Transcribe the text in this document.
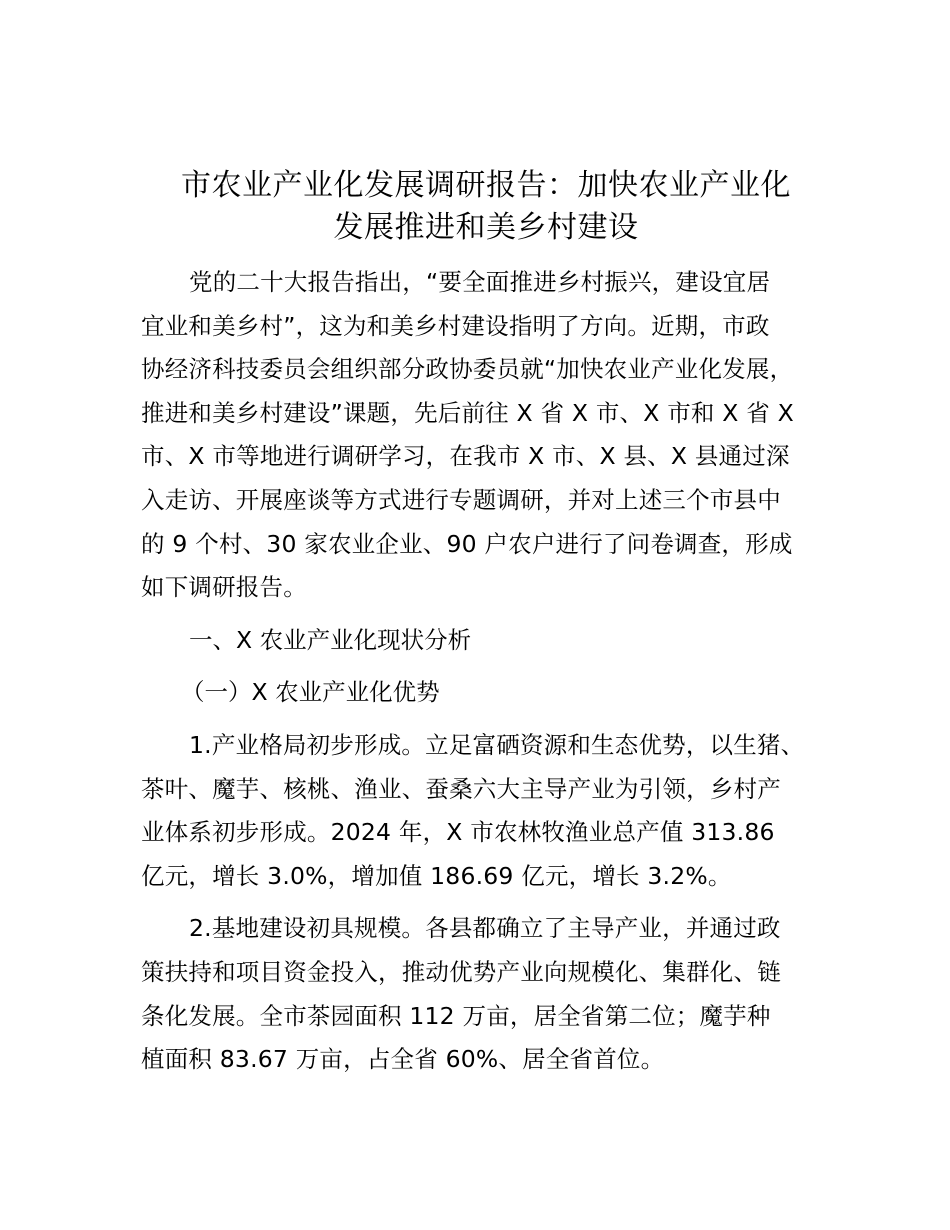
市农业产业化发展调研报告：加快农业产业化
发展推进和美乡村建设
党的二十大报告指出，“要全面推进乡村振兴，建设宜居
宜业和美乡村”，这为和美乡村建设指明了方向。近期，市政
协经济科技委员会组织部分政协委员就“加快农业产业化发展，
推进和美乡村建设”课题，先后前往 X 省 X 市、X 市和 X 省 X
市、X 市等地进行调研学习，在我市 X 市、X 县、X 县通过深
入走访、开展座谈等方式进行专题调研，并对上述三个市县中
的 9 个村、30 家农业企业、90 户农户进行了问卷调查，形成
如下调研报告。
一、X 农业产业化现状分析
（一）X 农业产业化优势
1.产业格局初步形成。立足富硒资源和生态优势，以生猪、
茶叶、魔芋、核桃、渔业、蚕桑六大主导产业为引领，乡村产
业体系初步形成。2024 年，X 市农林牧渔业总产值 313.86
亿元，增长 3.0%，增加值 186.69 亿元，增长 3.2%。
2.基地建设初具规模。各县都确立了主导产业，并通过政
策扶持和项目资金投入，推动优势产业向规模化、集群化、链
条化发展。全市茶园面积 112 万亩，居全省第二位；魔芋种
植面积 83.67 万亩，占全省 60%、居全省首位。
